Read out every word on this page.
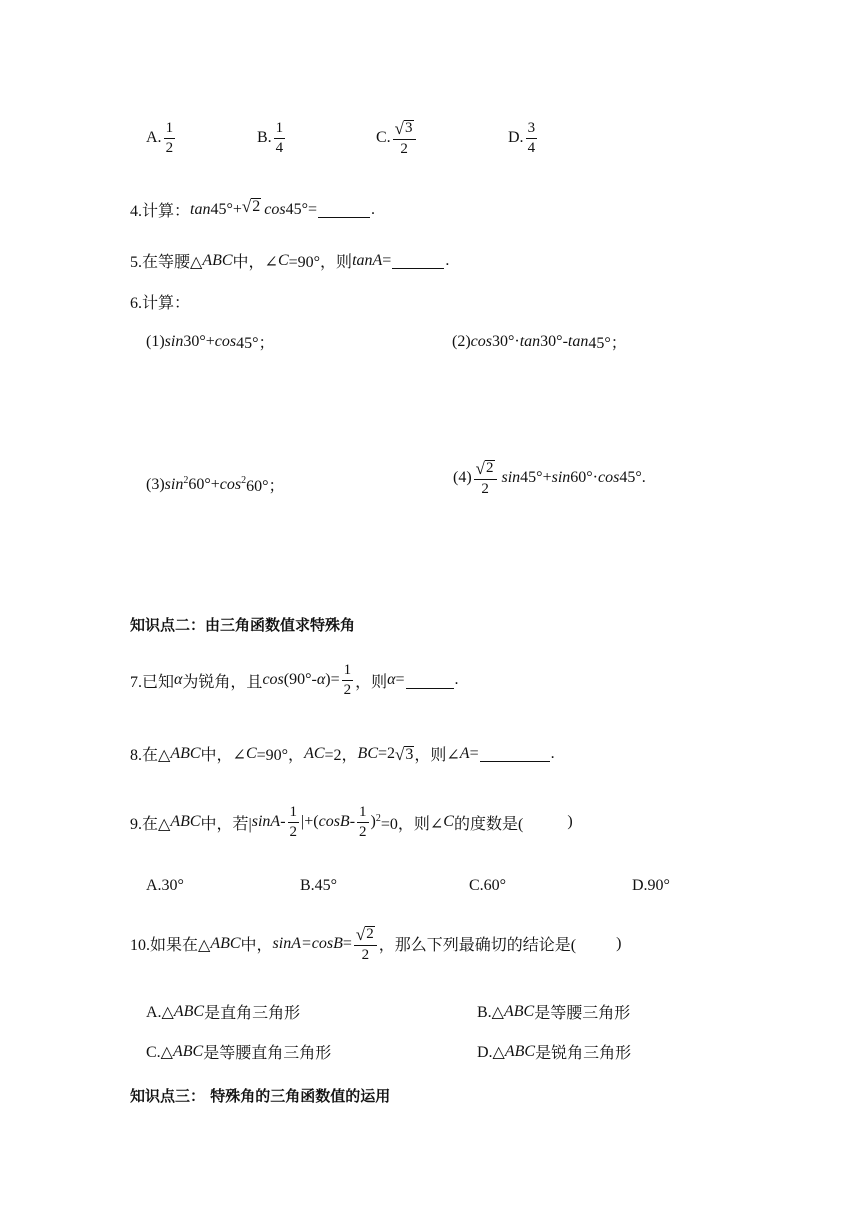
A. $\frac{1}{2}$	B. $\frac{1}{4}$	C. $\frac{√ 3}{2}$	D. $\frac{3}{4}$
4.计算： tan 45°+ √ 2 cos 45°=	.
5.在等腰△ ABC 中，∠ C =90°，则 tanA =	.
6.计算：
(1) sin 30°+ cos 45°；	(2) cos 30°· tan 30°- tan 45°；
(3) $\sin^2 60^\circ+ \cos^2 60^\circ$；
$(4) \frac{√ 2}{2}$ sin 45°+ sin 60°· cos 45°.
知识点二：由三角函数值求特殊角
7.已知 α 为锐角，且 cos (90°- α )= $\frac{1}{2}$ ，则 α =	.
8.在△ ABC 中，∠ C =90°， AC =2， BC =2 √ 3 ，则∠ A =	.
9.在△ ABC 中，若| sinA - $\frac{1}{2}$ |+( $\cos B - \frac{1}{2} )^2 =0$，则∠ C 的度数是(	)
A.30°	B.45°	C.60°	D.90°
10.如果在△ ABC 中， $\sin A=\cos B = \frac{√ 2}{2}$ ，那么下列最确切的结论是(	)
A.△ ABC 是直角三角形	B.△ ABC 是等腰三角形
C.△ ABC 是等腰直角三角形	D.△ ABC 是锐角三角形
知识点三： 特殊角的三角函数值的运用
